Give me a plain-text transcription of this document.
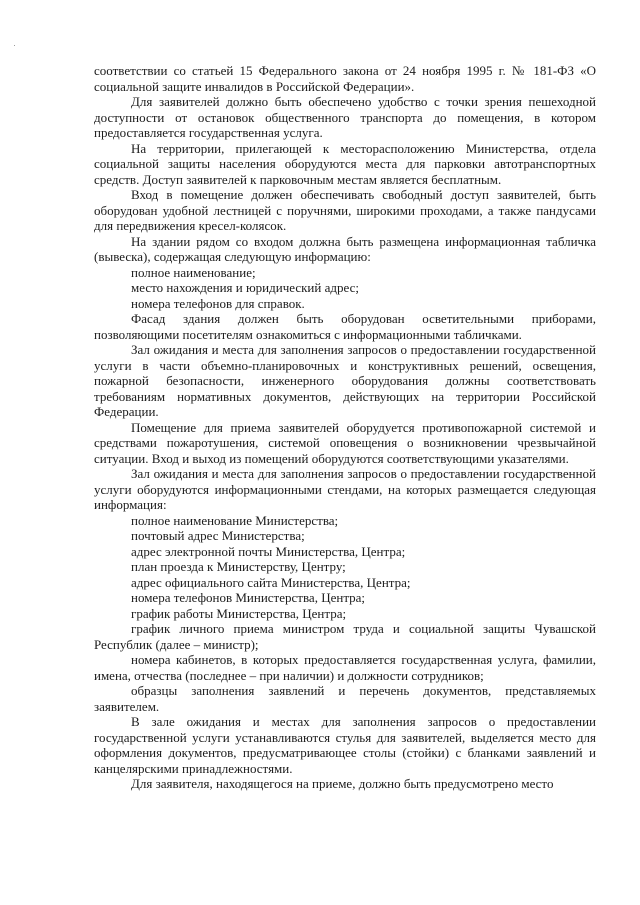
соответствии со статьей 15 Федерального закона от 24 ноября 1995 г. № 181-ФЗ «О социальной защите инвалидов в Российской Федерации».

Для заявителей должно быть обеспечено удобство с точки зрения пешеходной доступности от остановок общественного транспорта до помещения, в котором предоставляется государственная услуга.

На территории, прилегающей к месторасположению Министерства, отдела социальной защиты населения оборудуются места для парковки автотранспортных средств. Доступ заявителей к парковочным местам является бесплатным.

Вход в помещение должен обеспечивать свободный доступ заявителей, быть оборудован удобной лестницей с поручнями, широкими проходами, а также пандусами для передвижения кресел-колясок.

На здании рядом со входом должна быть размещена информационная табличка (вывеска), содержащая следующую информацию:

полное наименование;

место нахождения и юридический адрес;

номера телефонов для справок.

Фасад здания должен быть оборудован осветительными приборами, позволяющими посетителям ознакомиться с информационными табличками.

Зал ожидания и места для заполнения запросов о предоставлении государственной услуги в части объемно-планировочных и конструктивных решений, освещения, пожарной безопасности, инженерного оборудования должны соответствовать требованиям нормативных документов, действующих на территории Российской Федерации.

Помещение для приема заявителей оборудуется противопожарной системой и средствами пожаротушения, системой оповещения о возникновении чрезвычайной ситуации. Вход и выход из помещений оборудуются соответствующими указателями.

Зал ожидания и места для заполнения запросов о предоставлении государственной услуги оборудуются информационными стендами, на которых размещается следующая информация:

полное наименование Министерства;

почтовый адрес Министерства;

адрес электронной почты Министерства, Центра;

план проезда к Министерству, Центру;

адрес официального сайта Министерства, Центра;

номера телефонов Министерства, Центра;

график работы Министерства, Центра;

график личного приема министром труда и социальной защиты Чувашской Республик (далее – министр);

номера кабинетов, в которых предоставляется государственная услуга, фамилии, имена, отчества (последнее – при наличии) и должности сотрудников;

образцы заполнения заявлений и перечень документов, представляемых заявителем.

В зале ожидания и местах для заполнения запросов о предоставлении государственной услуги устанавливаются стулья для заявителей, выделяется место для оформления документов, предусматривающее столы (стойки) с бланками заявлений и канцелярскими принадлежностями.

Для заявителя, находящегося на приеме, должно быть предусмотрено место
